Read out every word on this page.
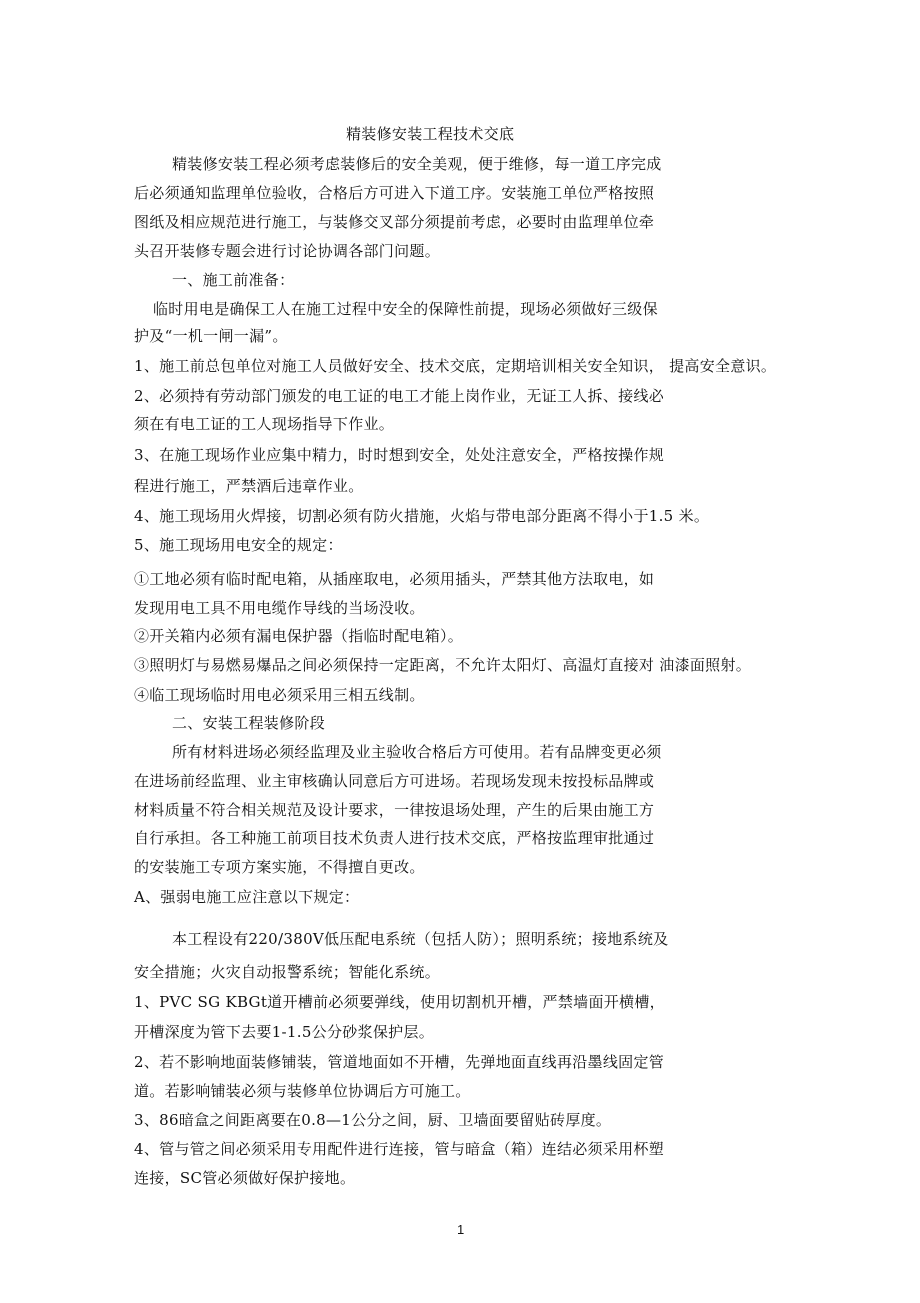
精装修安装工程技术交底
精装修安装工程必须考虑装修后的安全美观，便于维修，每一道工序完成
后必须通知监理单位验收，合格后方可进入下道工序。安装施工单位严格按照
图纸及相应规范进行施工，与装修交叉部分须提前考虑，必要时由监理单位牵
头召开装修专题会进行讨论协调各部门问题。
一、施工前准备：
临时用电是确保工人在施工过程中安全的保障性前提，现场必须做好三级保
护及“一机一闸一漏”。
1、施工前总包单位对施工人员做好安全、技术交底，定期培训相关安全知识， 提高安全意识。
2、必须持有劳动部门颁发的电工证的电工才能上岗作业，无证工人拆、接线必
须在有电工证的工人现场指导下作业。
3、在施工现场作业应集中精力，时时想到安全，处处注意安全，严格按操作规
程进行施工，严禁酒后违章作业。
4、施工现场用火焊接，切割必须有防火措施，火焰与带电部分距离不得小于1.5 米。
5、施工现场用电安全的规定：
①工地必须有临时配电箱，从插座取电，必须用插头，严禁其他方法取电，如
发现用电工具不用电缆作导线的当场没收。
②开关箱内必须有漏电保护器（指临时配电箱）。
③照明灯与易燃易爆品之间必须保持一定距离，不允许太阳灯、高温灯直接对 油漆面照射。
④临工现场临时用电必须采用三相五线制。
二、安装工程装修阶段
所有材料进场必须经监理及业主验收合格后方可使用。若有品牌变更必须
在进场前经监理、业主审核确认同意后方可进场。若现场发现未按投标品牌或
材料质量不符合相关规范及设计要求，一律按退场处理，产生的后果由施工方
自行承担。各工种施工前项目技术负责人进行技术交底，严格按监理审批通过
的安装施工专项方案实施，不得擅自更改。
A、强弱电施工应注意以下规定：
本工程设有220/380V低压配电系统（包括人防）；照明系统；接地系统及
安全措施；火灾自动报警系统；智能化系统。
1、PVC SG KBGt道开槽前必须要弹线，使用切割机开槽，严禁墙面开横槽，
开槽深度为管下去要1-1.5公分砂浆保护层。
2、若不影响地面装修铺装，管道地面如不开槽，先弹地面直线再沿墨线固定管
道。若影响铺装必须与装修单位协调后方可施工。
3、86暗盒之间距离要在0.8—1公分之间，厨、卫墙面要留贴砖厚度。
4、管与管之间必须采用专用配件进行连接，管与暗盒（箱）连结必须采用杯塑
连接，SC管必须做好保护接地。
1
